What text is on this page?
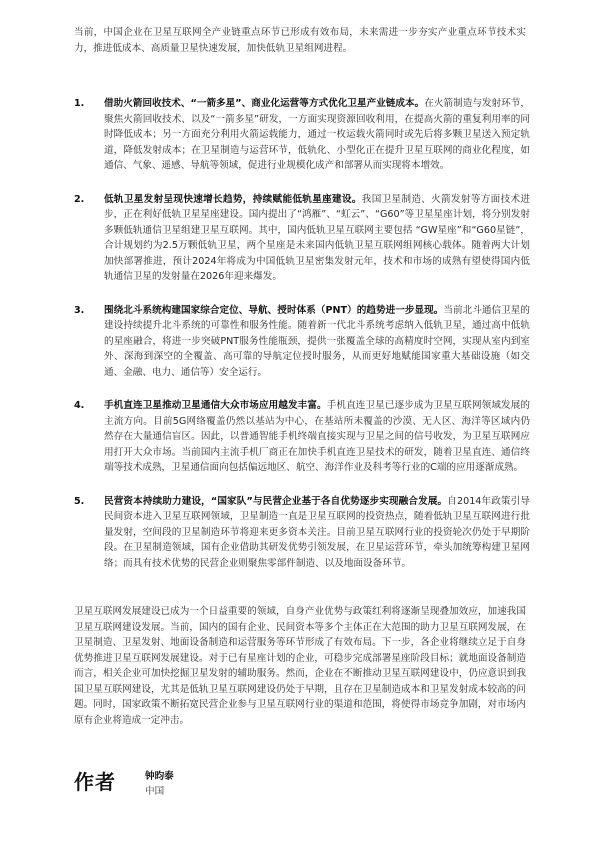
当前，中国企业在卫星互联网全产业链重点环节已形成有效布局，未来需进一步夯实产业重点环节技术实力，推进低成本、高质量卫星快速发展，加快低轨卫星组网进程。

1. 借助火箭回收技术、“一箭多星”、商业化运营等方式优化卫星产业链成本。在火箭制造与发射环节，聚焦火箭回收技术、以及“一箭多星”研发，一方面实现资源回收利用，在提高火箭的重复利用率的同时降低成本；另一方面充分利用火箭运载能力，通过一枚运载火箭同时或先后将多颗卫星送入预定轨道，降低发射成本；在卫星制造与运营环节，低轨化、小型化正在提升卫星互联网的商业化程度，如通信、气象、遥感、导航等领域，促进行业规模化成产和部署从而实现将本增效。
2. 低轨卫星发射呈现快速增长趋势，持续赋能低轨星座建设。我国卫星制造、火箭发射等方面技术进步，正在利好低轨卫星星座建设。国内提出了“鸿雁”、“虹云”、“G60”等卫星星座计划，将分别发射多颗低轨通信卫星组建卫星互联网。其中，国内低轨卫星互联网主要包括 “GW星座”和“G60星链”，合计规划约为2.5万颗低轨卫星，两个星座是未来国内低轨卫星互联网组网核心载体。随着两大计划加快部署推进，预计2024年将成为中国低轨卫星密集发射元年，技术和市场的成熟有望使得国内低轨通信卫星的发射量在2026年迎来爆发。
3. 围绕北斗系统构建国家综合定位、导航、授时体系（PNT）的趋势进一步显现。当前北斗通信卫星的建设持续提升北斗系统的可靠性和服务性能。随着新一代北斗系统考虑纳入低轨卫星，通过高中低轨的星座融合，将进一步突破PNT服务性能瓶颈，提供一张覆盖全球的高精度时空网，实现从室内到室外、深海到深空的全覆盖、高可靠的导航定位授时服务，从而更好地赋能国家重大基础设施（如交通、金融、电力、通信等）安全运行。
4. 手机直连卫星推动卫星通信大众市场应用越发丰富。手机直连卫星已逐步成为卫星互联网领域发展的主流方向。目前5G网络覆盖仍然以基站为中心，在基站所未覆盖的沙漠、无人区、海洋等区域内仍然存在大量通信盲区。因此，以普通智能手机终端直接实现与卫星之间的信号收发，为卫星互联网应用打开大众市场。当前国内主流手机厂商正在加快手机直连卫星技术的研发，随着卫星直连、通信终端等技术成熟，卫星通信面向包括偏远地区、航空、海洋作业及科考等行业的C端的应用逐渐成熟。
5. 民营资本持续助力建设，“国家队”与民营企业基于各自优势逐步实现融合发展。自2014年政策引导民间资本进入卫星互联网领域，卫星制造一直是卫星互联网的投资热点，随着低轨卫星互联网进行批量发射，空间段的卫星制造环节将迎来更多资本关注。目前卫星互联网行业的投资轮次仍处于早期阶段。在卫星制造领域，国有企业借助其研发优势引领发展，在卫星运营环节，牵头加统筹构建卫星网络；而具有技术优势的民营企业则聚焦零部件制造、以及地面设备环节。

卫星互联网发展建设已成为一个日益重要的领域，自身产业优势与政策红利将逐渐呈现叠加效应，加速我国卫星互联网建设发展。当前，国内的国有企业、民间资本等多个主体正在大范围的助力卫星互联网发展，在卫星制造、卫星发射、地面设备制造和运营服务等环节形成了有效布局。下一步，各企业将继续立足于自身优势推进卫星互联网发展建设。对于已有星座计划的企业，可稳步完成部署星座阶段目标；就地面设备制造而言，相关企业可加快挖掘卫星发射的辅助服务。然而，企业在不断推动卫星互联网建设中，仍应意识到我国卫星互联网建设，尤其是低轨卫星互联网建设仍处于早期，且存在卫星制造成本和卫星发射成本较高的问题。同时，国家政策不断拓宽民营企业参与卫星互联网行业的渠道和范围，将使得市场竞争加剧，对市场内原有企业将造成一定冲击。

作者	钟昀泰
中国
